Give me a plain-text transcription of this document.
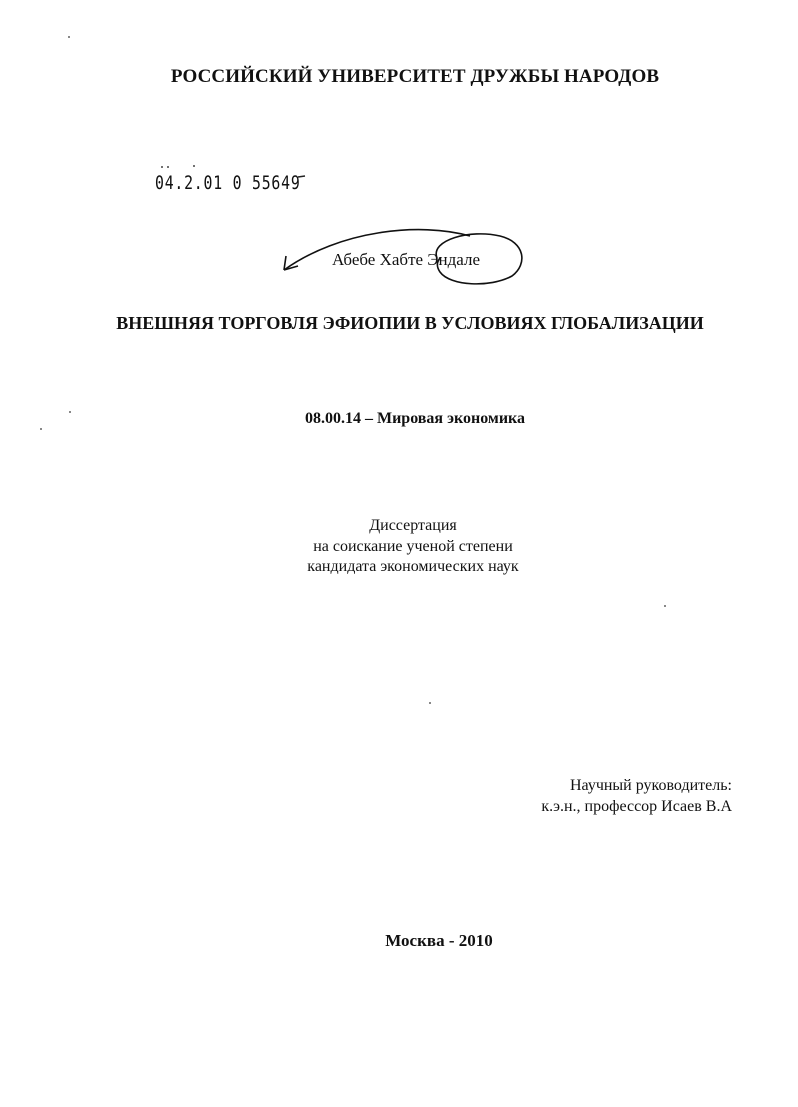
РОССИЙСКИЙ УНИВЕРСИТЕТ ДРУЖБЫ НАРОДОВ
04.2.01 0 55649
Абебе Хабте Эндале
ВНЕШНЯЯ ТОРГОВЛЯ ЭФИОПИИ В УСЛОВИЯХ ГЛОБАЛИЗАЦИИ
08.00.14 – Мировая экономика
Диссертация
на соискание ученой степени
кандидата экономических наук
Научный руководитель:
к.э.н., профессор Исаев В.А
Москва - 2010
